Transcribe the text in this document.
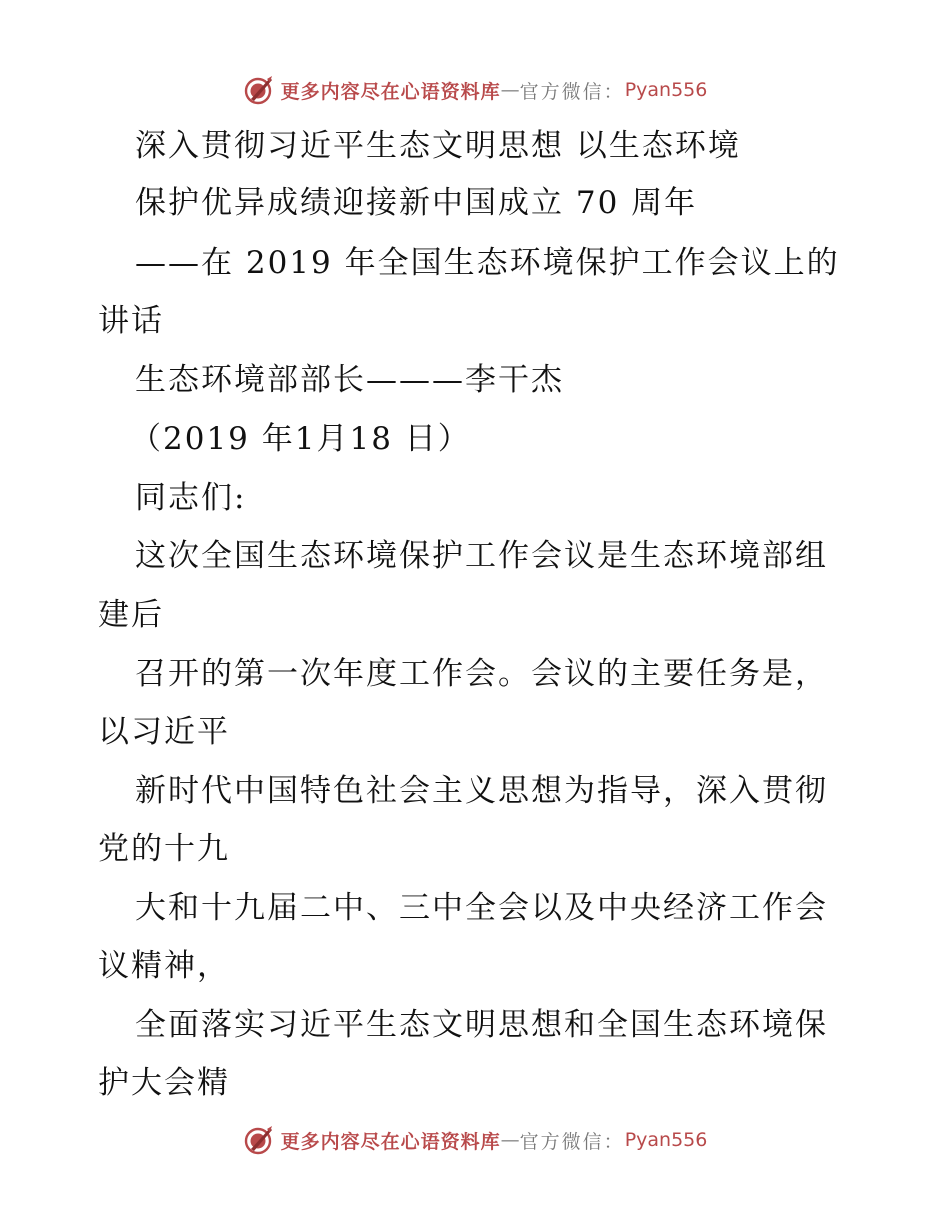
更多内容尽在心语资料库 — 官方微信： Pyan556
深入贯彻习近平生态文明思想 以生态环境
保护优异成绩迎接新中国成立 70 周年
——在 2019 年全国生态环境保护工作会议上的
讲话
生态环境部部长———李干杰
（2019 年1月18 日）
同志们:
这次全国生态环境保护工作会议是生态环境部组
建后
召开的第一次年度工作会。会议的主要任务是，
以习近平
新时代中国特色社会主义思想为指导，深入贯彻
党的十九
大和十九届二中、三中全会以及中央经济工作会
议精神，
全面落实习近平生态文明思想和全国生态环境保
护大会精
更多内容尽在心语资料库 — 官方微信： Pyan556
